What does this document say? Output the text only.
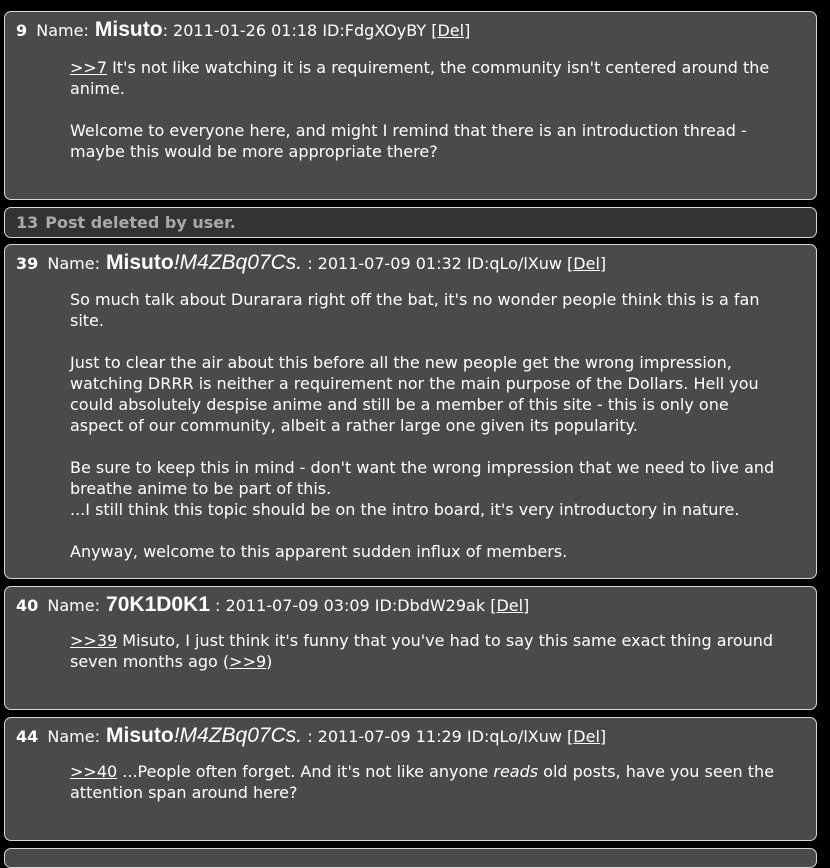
9 Name: Misuto: 2011-01-26 01:18 ID:FdgXOyBY [Del]

>>7 It's not like watching it is a requirement, the community isn't centered around the anime.

Welcome to everyone here, and might I remind that there is an introduction thread - maybe this would be more appropriate there?

13 Post deleted by user.
39 Name: Misuto!M4ZBq07Cs. : 2011-07-09 01:32 ID:qLo/lXuw [Del]

So much talk about Durarara right off the bat, it's no wonder people think this is a fan site.

Just to clear the air about this before all the new people get the wrong impression, watching DRRR is neither a requirement nor the main purpose of the Dollars. Hell you could absolutely despise anime and still be a member of this site - this is only one aspect of our community, albeit a rather large one given its popularity.

Be sure to keep this in mind - don't want the wrong impression that we need to live and breathe anime to be part of this.
...I still think this topic should be on the intro board, it's very introductory in nature.

Anyway, welcome to this apparent sudden influx of members.

40 Name: 70K1D0K1 : 2011-07-09 03:09 ID:DbdW29ak [Del]

>>39 Misuto, I just think it's funny that you've had to say this same exact thing around seven months ago (>>9)

44 Name: Misuto!M4ZBq07Cs. : 2011-07-09 11:29 ID:qLo/lXuw [Del]

>>40 ...People often forget. And it's not like anyone reads old posts, have you seen the attention span around here?
